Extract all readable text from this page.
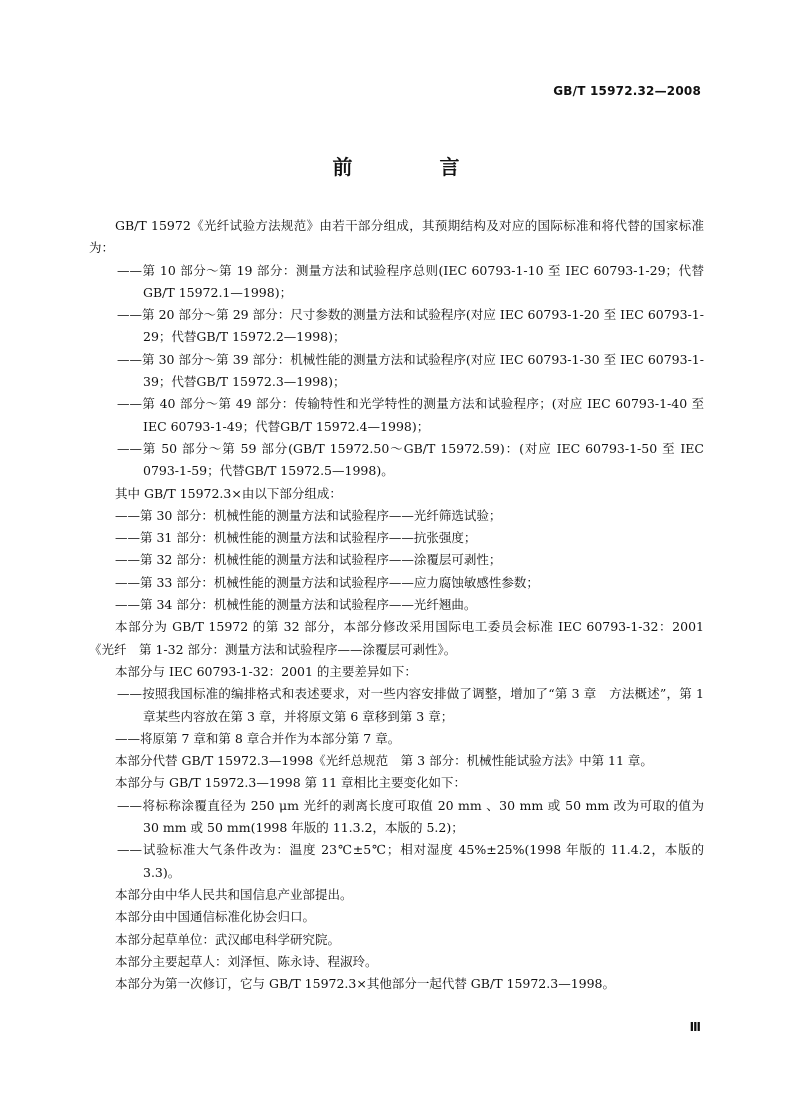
GB/T 15972.32—2008
前 言

GB/T 15972《光纤试验方法规范》由若干部分组成，其预期结构及对应的国际标准和将代替的国家标准为：

——第 10 部分～第 19 部分：测量方法和试验程序总则(IEC 60793-1-10 至 IEC 60793-1-29；代替 GB/T 15972.1—1998)；

——第 20 部分～第 29 部分：尺寸参数的测量方法和试验程序(对应 IEC 60793-1-20 至 IEC 60793-1-29；代替GB/T 15972.2—1998)；

——第 30 部分～第 39 部分：机械性能的测量方法和试验程序(对应 IEC 60793-1-30 至 IEC 60793-1-39；代替GB/T 15972.3—1998)；

——第 40 部分～第 49 部分：传输特性和光学特性的测量方法和试验程序；(对应 IEC 60793-1-40 至 IEC 60793-1-49；代替GB/T 15972.4—1998)；

——第 50 部分～第 59 部分(GB/T 15972.50～GB/T 15972.59)：(对应 IEC 60793-1-50 至 IEC 0793-1-59；代替GB/T 15972.5—1998)。

其中 GB/T 15972.3×由以下部分组成：

——第 30 部分：机械性能的测量方法和试验程序——光纤筛选试验；

——第 31 部分：机械性能的测量方法和试验程序——抗张强度；

——第 32 部分：机械性能的测量方法和试验程序——涂覆层可剥性；

——第 33 部分：机械性能的测量方法和试验程序——应力腐蚀敏感性参数；

——第 34 部分：机械性能的测量方法和试验程序——光纤翘曲。

本部分为 GB/T 15972 的第 32 部分，本部分修改采用国际电工委员会标准 IEC 60793-1-32：2001《光纤　第 1-32 部分：测量方法和试验程序——涂覆层可剥性》。

本部分与 IEC 60793-1-32：2001 的主要差异如下：

——按照我国标准的编排格式和表述要求，对一些内容安排做了调整，增加了“第 3 章　方法概述”，第 1 章某些内容放在第 3 章，并将原文第 6 章移到第 3 章；

——将原第 7 章和第 8 章合并作为本部分第 7 章。

本部分代替 GB/T 15972.3—1998《光纤总规范　第 3 部分：机械性能试验方法》中第 11 章。

本部分与 GB/T 15972.3—1998 第 11 章相比主要变化如下：

——将标称涂覆直径为 250 μm 光纤的剥离长度可取值 20 mm 、30 mm 或 50 mm 改为可取的值为 30 mm 或 50 mm(1998 年版的 11.3.2，本版的 5.2)；

——试验标准大气条件改为：温度 23℃±5℃；相对湿度 45%±25%(1998 年版的 11.4.2，本版的 3.3)。

本部分由中华人民共和国信息产业部提出。

本部分由中国通信标准化协会归口。

本部分起草单位：武汉邮电科学研究院。

本部分主要起草人：刘泽恒、陈永诗、程淑玲。

本部分为第一次修订，它与 GB/T 15972.3×其他部分一起代替 GB/T 15972.3—1998。

Ⅲ
